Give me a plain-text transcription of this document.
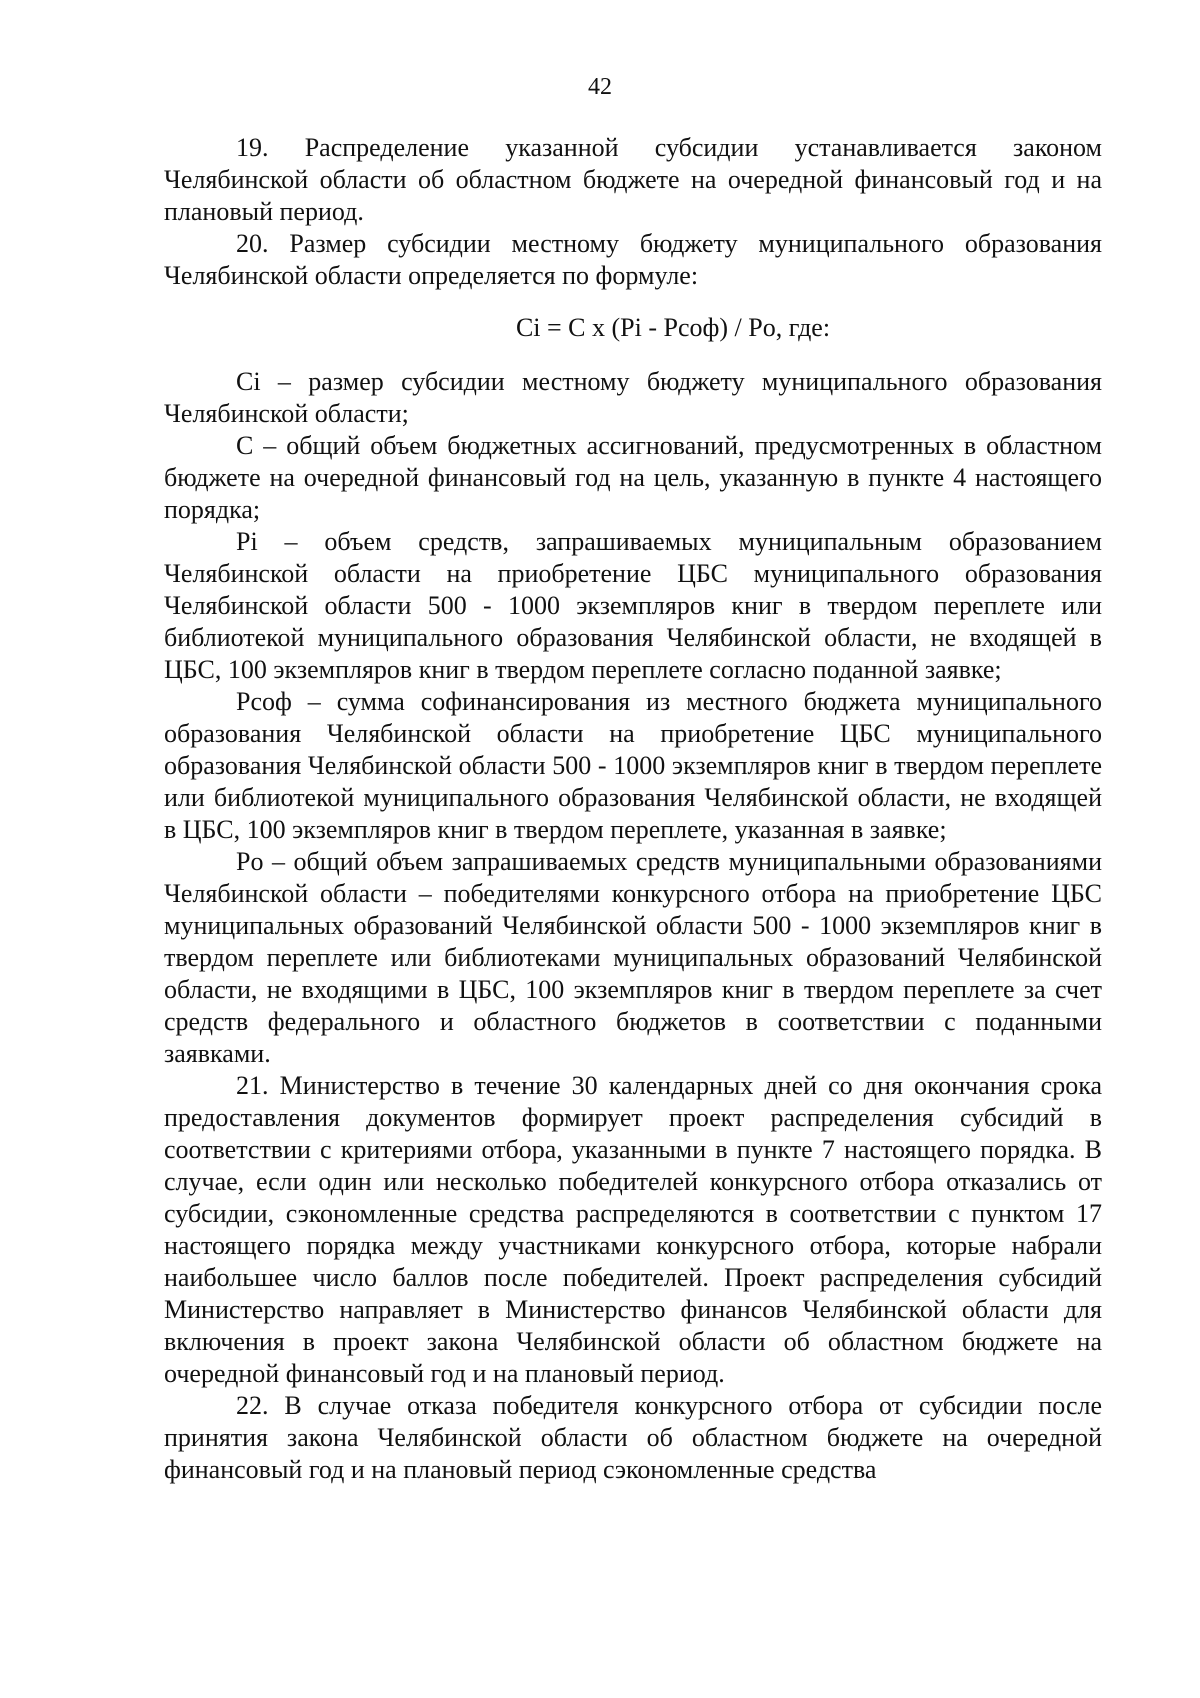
42

19. Распределение указанной субсидии устанавливается законом Челябинской области об областном бюджете на очередной финансовый год и на плановый период.

20. Размер субсидии местному бюджету муниципального образования Челябинской области определяется по формуле:

Ci = C x (Pi - Pсоф) / Po, где:

Ci – размер субсидии местному бюджету муниципального образования Челябинской области;

C – общий объем бюджетных ассигнований, предусмотренных в областном бюджете на очередной финансовый год на цель, указанную в пункте 4 настоящего порядка;

Pi – объем средств, запрашиваемых муниципальным образованием Челябинской области на приобретение ЦБС муниципального образования Челябинской области 500 - 1000 экземпляров книг в твердом переплете или библиотекой муниципального образования Челябинской области, не входящей в ЦБС, 100 экземпляров книг в твердом переплете согласно поданной заявке;

Pсоф – сумма софинансирования из местного бюджета муниципального образования Челябинской области на приобретение ЦБС муниципального образования Челябинской области 500 - 1000 экземпляров книг в твердом переплете или библиотекой муниципального образования Челябинской области, не входящей в ЦБС, 100 экземпляров книг в твердом переплете, указанная в заявке;

Po – общий объем запрашиваемых средств муниципальными образованиями Челябинской области – победителями конкурсного отбора на приобретение ЦБС муниципальных образований Челябинской области 500 - 1000 экземпляров книг в твердом переплете или библиотеками муниципальных образований Челябинской области, не входящими в ЦБС, 100 экземпляров книг в твердом переплете за счет средств федерального и областного бюджетов в соответствии с поданными заявками.

21. Министерство в течение 30 календарных дней со дня окончания срока предоставления документов формирует проект распределения субсидий в соответствии с критериями отбора, указанными в пункте 7 настоящего порядка. В случае, если один или несколько победителей конкурсного отбора отказались от субсидии, сэкономленные средства распределяются в соответствии с пунктом 17 настоящего порядка между участниками конкурсного отбора, которые набрали наибольшее число баллов после победителей. Проект распределения субсидий Министерство направляет в Министерство финансов Челябинской области для включения в проект закона Челябинской области об областном бюджете на очередной финансовый год и на плановый период.

22. В случае отказа победителя конкурсного отбора от субсидии после принятия закона Челябинской области об областном бюджете на очередной финансовый год и на плановый период сэкономленные средства
